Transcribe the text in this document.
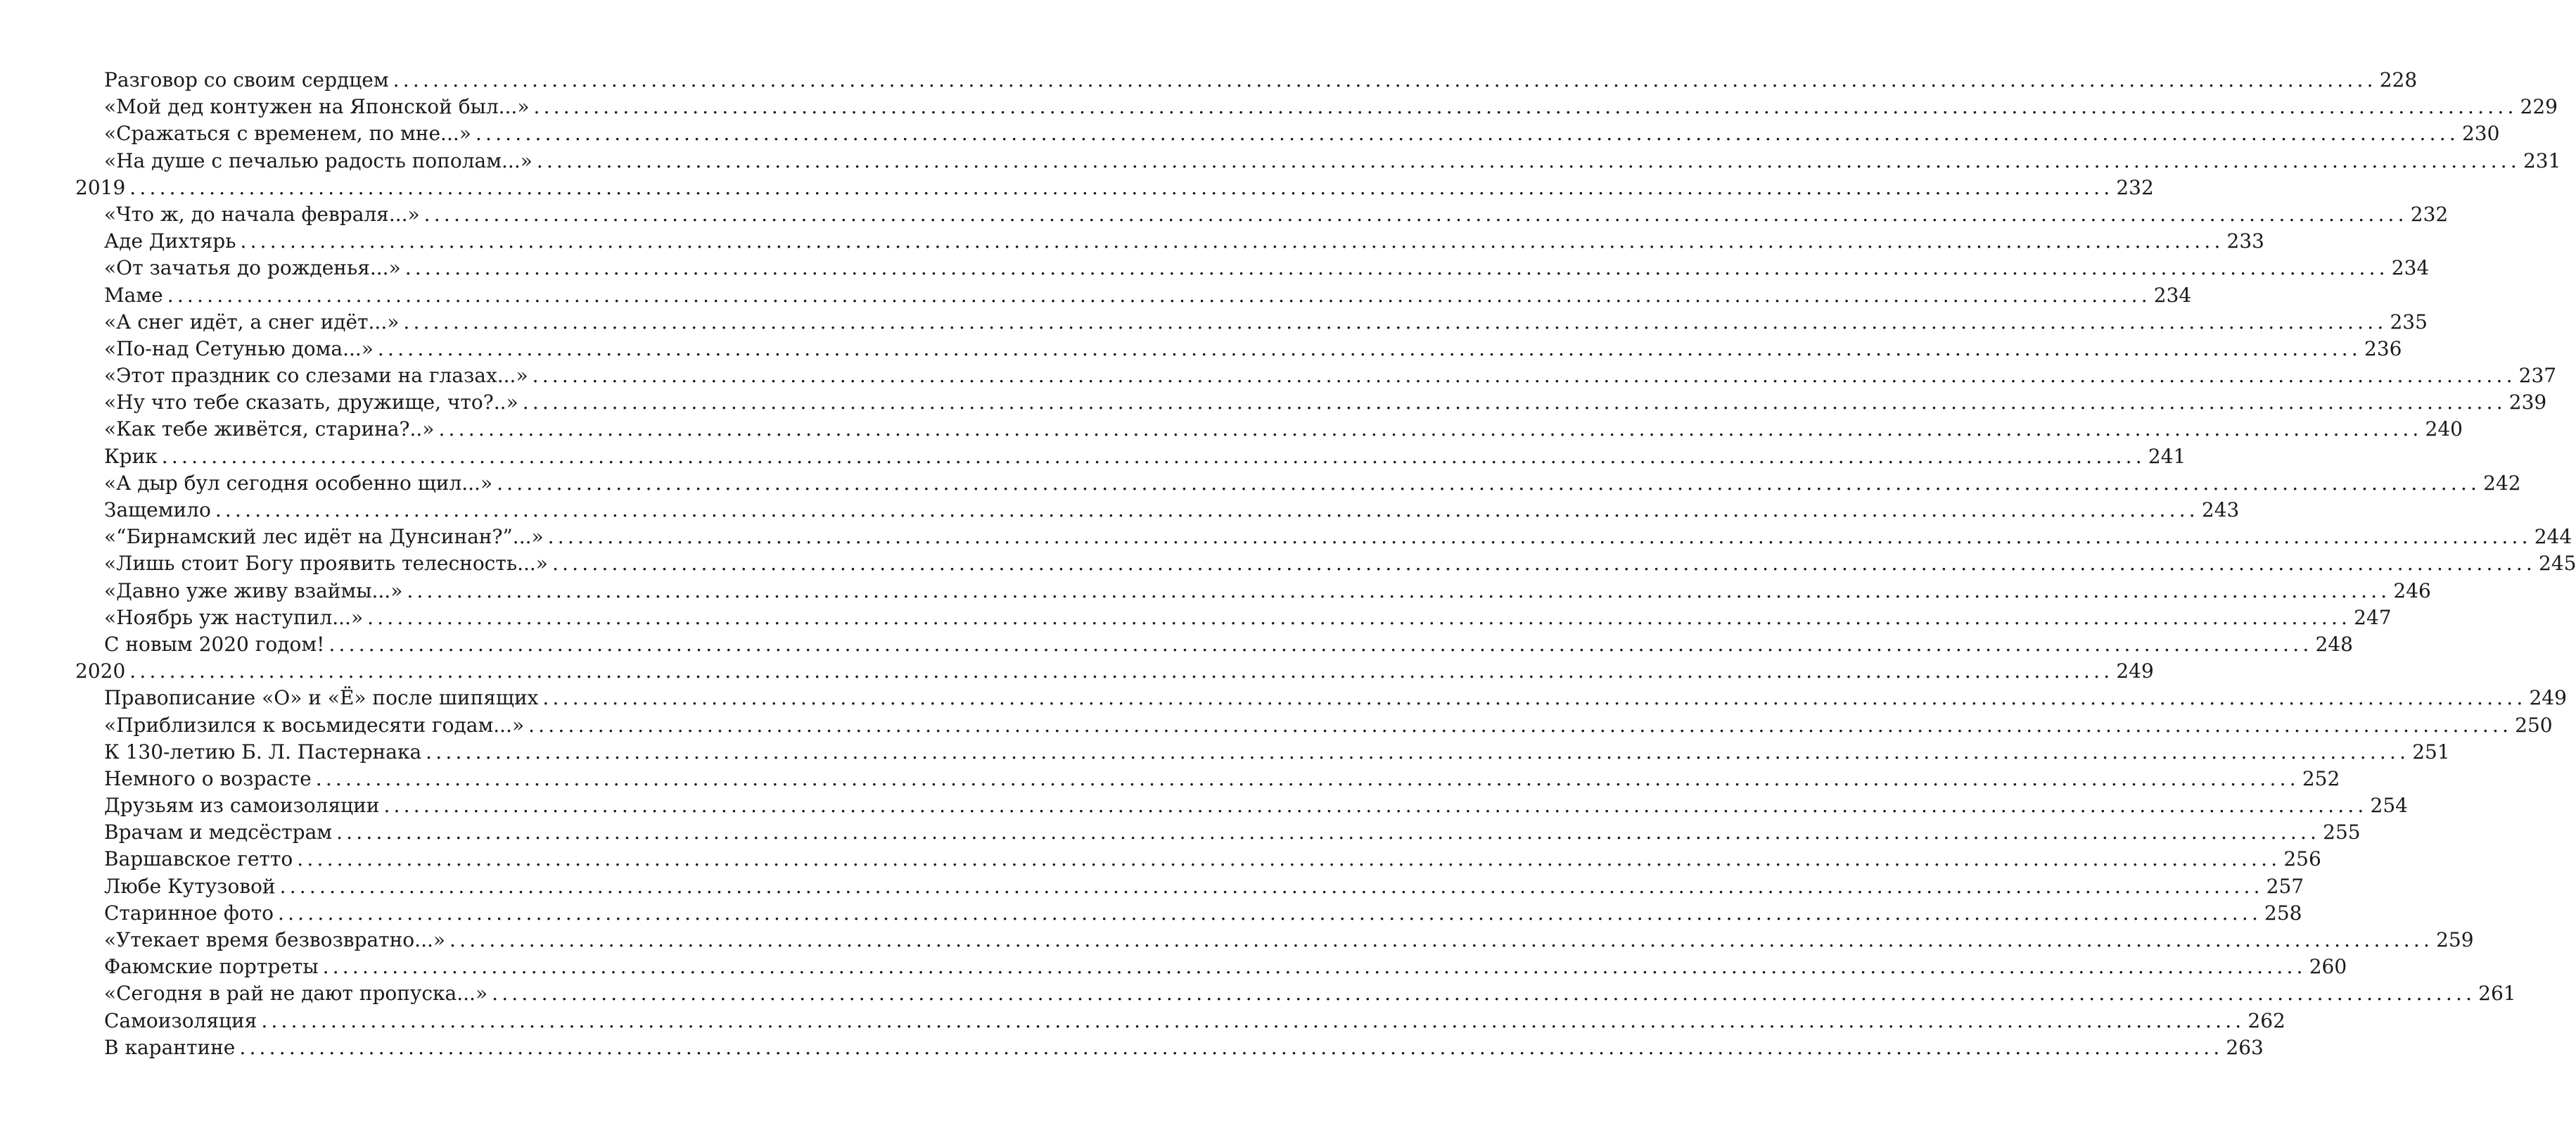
Разговор со своим сердцем ........................................................................................................................................................................................................ 228
«Мой дед контужен на Японской был...» ........................................................................................................................................................................................................ 229
«Сражаться с временем, по мне...» ........................................................................................................................................................................................................ 230
«На душе с печалью радость пополам...» ........................................................................................................................................................................................................ 231
2019 ........................................................................................................................................................................................................ 232
«Что ж, до начала февраля...» ........................................................................................................................................................................................................ 232
Аде Дихтярь ........................................................................................................................................................................................................ 233
«От зачатья до рожденья...» ........................................................................................................................................................................................................ 234
Маме ........................................................................................................................................................................................................ 234
«А снег идёт, а снег идёт...» ........................................................................................................................................................................................................ 235
«По-над Сетунью дома...» ........................................................................................................................................................................................................ 236
«Этот праздник со слезами на глазах...» ........................................................................................................................................................................................................ 237
«Ну что тебе сказать, дружище, что?..» ........................................................................................................................................................................................................ 239
«Как тебе живётся, старина?..» ........................................................................................................................................................................................................ 240
Крик ........................................................................................................................................................................................................ 241
«А дыр бул сегодня особенно щил...» ........................................................................................................................................................................................................ 242
Защемило ........................................................................................................................................................................................................ 243
«“Бирнамский лес идёт на Дунсинан?”...» ........................................................................................................................................................................................................ 244
«Лишь стоит Богу проявить телесность...» ........................................................................................................................................................................................................ 245
«Давно уже живу взаймы...» ........................................................................................................................................................................................................ 246
«Ноябрь уж наступил...» ........................................................................................................................................................................................................ 247
С новым 2020 годом! ........................................................................................................................................................................................................ 248
2020 ........................................................................................................................................................................................................ 249
Правописание «О» и «Ё» после шипящих ........................................................................................................................................................................................................ 249
«Приблизился к восьмидесяти годам...» ........................................................................................................................................................................................................ 250
К 130-летию Б. Л. Пастернака ........................................................................................................................................................................................................ 251
Немного о возрасте ........................................................................................................................................................................................................ 252
Друзьям из самоизоляции ........................................................................................................................................................................................................ 254
Врачам и медсёстрам ........................................................................................................................................................................................................ 255
Варшавское гетто ........................................................................................................................................................................................................ 256
Любе Кутузовой ........................................................................................................................................................................................................ 257
Старинное фото ........................................................................................................................................................................................................ 258
«Утекает время безвозвратно...» ........................................................................................................................................................................................................ 259
Фаюмские портреты ........................................................................................................................................................................................................ 260
«Сегодня в рай не дают пропуска...» ........................................................................................................................................................................................................ 261
Самоизоляция ........................................................................................................................................................................................................ 262
В карантине ........................................................................................................................................................................................................ 263
